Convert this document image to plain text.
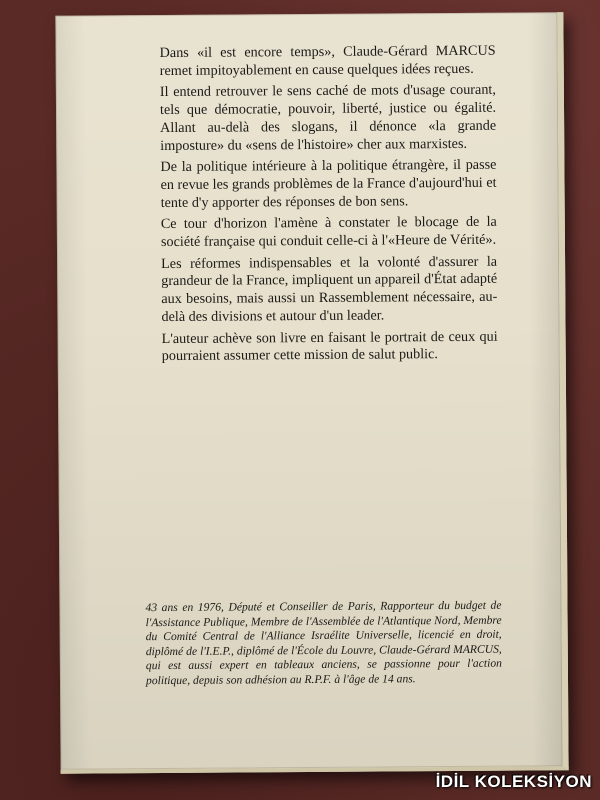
Dans «il est encore temps», Claude-Gérard MARCUS remet impitoyablement en cause quelques idées reçues.

Il entend retrouver le sens caché de mots d'usage courant, tels que démocratie, pouvoir, liberté, justice ou égalité. Allant au-delà des slogans, il dénonce «la grande imposture» du «sens de l'histoire» cher aux marxistes.

De la politique intérieure à la politique étrangère, il passe en revue les grands problèmes de la France d'aujourd'hui et tente d'y apporter des réponses de bon sens.

Ce tour d'horizon l'amène à constater le blocage de la société française qui conduit celle-ci à l'«Heure de Vérité».

Les réformes indispensables et la volonté d'assurer la grandeur de la France, impliquent un appareil d'État adapté aux besoins, mais aussi un Rassemblement nécessaire, au-delà des divisions et autour d'un leader.

L'auteur achève son livre en faisant le portrait de ceux qui pourraient assumer cette mission de salut public.

43 ans en 1976, Député et Conseiller de Paris, Rapporteur du budget de l'Assistance Publique, Membre de l'Assemblée de l'Atlantique Nord, Membre du Comité Central de l'Alliance Israélite Universelle, licencié en droit, diplômé de l'I.E.P., diplômé de l'École du Louvre, Claude-Gérard MARCUS, qui est aussi expert en tableaux anciens, se passionne pour l'action politique, depuis son adhésion au R.P.F. à l'âge de 14 ans.

İDİL KOLEKSİYON
